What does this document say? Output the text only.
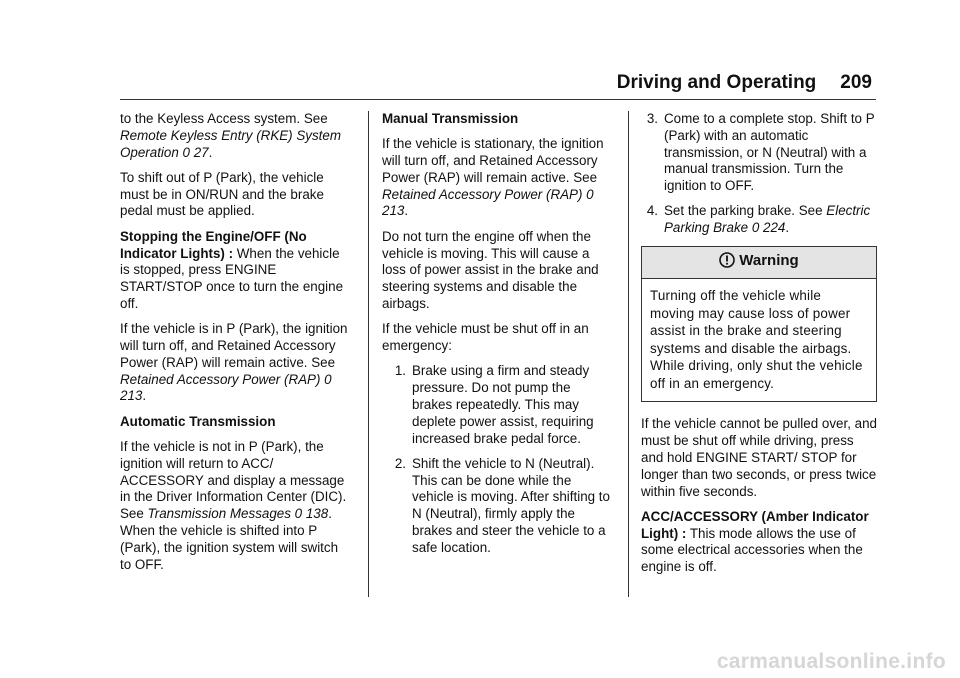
Driving and Operating 209

to the Keyless Access system. See Remote Keyless Entry (RKE) System Operation 0 27.

To shift out of P (Park), the vehicle must be in ON/RUN and the brake pedal must be applied.

Stopping the Engine/OFF (No Indicator Lights) : When the vehicle is stopped, press ENGINE START/STOP once to turn the engine off.

If the vehicle is in P (Park), the ignition will turn off, and Retained Accessory Power (RAP) will remain active. See Retained Accessory Power (RAP) 0 213.

Automatic Transmission

If the vehicle is not in P (Park), the ignition will return to ACC/ ACCESSORY and display a message in the Driver Information Center (DIC). See Transmission Messages 0 138. When the vehicle is shifted into P (Park), the ignition system will switch to OFF.

Manual Transmission

If the vehicle is stationary, the ignition will turn off, and Retained Accessory Power (RAP) will remain active. See Retained Accessory Power (RAP) 0 213.

Do not turn the engine off when the vehicle is moving. This will cause a loss of power assist in the brake and steering systems and disable the airbags.

If the vehicle must be shut off in an emergency:

1. Brake using a firm and steady pressure. Do not pump the brakes repeatedly. This may deplete power assist, requiring increased brake pedal force.
2. Shift the vehicle to N (Neutral). This can be done while the vehicle is moving. After shifting to N (Neutral), firmly apply the brakes and steer the vehicle to a safe location.
3. Come to a complete stop. Shift to P (Park) with an automatic transmission, or N (Neutral) with a manual transmission. Turn the ignition to OFF.
4. Set the parking brake. See Electric Parking Brake 0 224.
Warning
Turning off the vehicle while moving may cause loss of power assist in the brake and steering systems and disable the airbags. While driving, only shut the vehicle off in an emergency.

If the vehicle cannot be pulled over, and must be shut off while driving, press and hold ENGINE START/ STOP for longer than two seconds, or press twice within five seconds.

ACC/ACCESSORY (Amber Indicator Light) : This mode allows the use of some electrical accessories when the engine is off.

carmanualsonline.info
